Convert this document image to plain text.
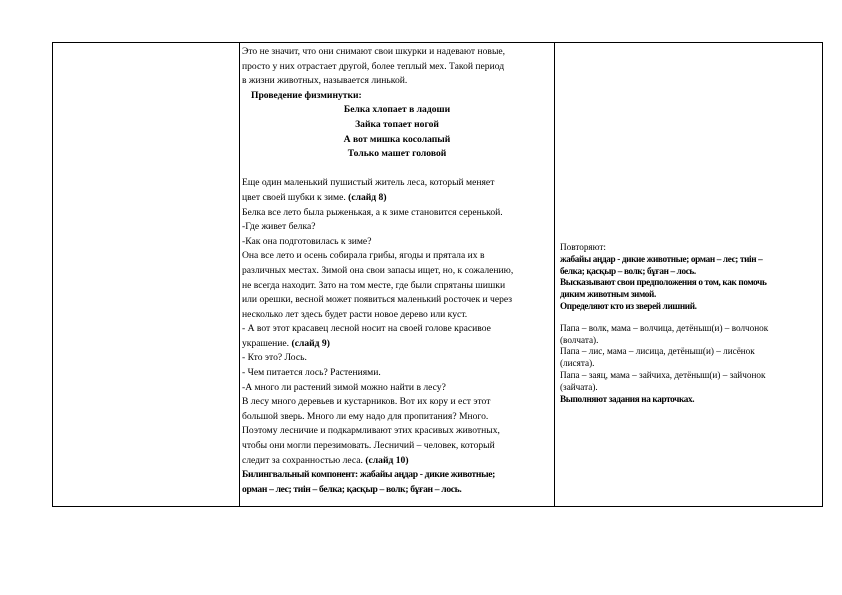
Это не значит, что они снимают свои шкурки и надевают новые,

просто у них отрастает другой, более теплый мех. Такой период

в жизни животных, называется линькой.

Проведение физминутки:

Белка хлопает в ладоши

Зайка топает ногой

А вот мишка косолапый

Только машет головой

Еще один маленький пушистый житель леса, который меняет

цвет своей шубки к зиме. (слайд 8)

Белка все лето была рыженькая, а к зиме становится серенькой.

-Где живет белка?

-Как она подготовилась к зиме?

Она все лето и осень собирала грибы, ягоды и прятала их в

различных местах. Зимой она свои запасы ищет, но, к сожалению,

не всегда находит. Зато на том месте, где были спрятаны шишки

или орешки, весной может появиться маленький росточек и через

несколько лет здесь будет расти новое дерево или куст.

- А вот этот красавец лесной носит на своей голове красивое

украшение. (слайд 9)

- Кто это? Лось.

- Чем питается лось? Растениями.

-А много ли растений зимой можно найти в лесу?

В лесу много деревьев и кустарников. Вот их кору и ест этот

большой зверь. Много ли ему надо для пропитания? Много.

Поэтому лесничие и подкармливают этих красивых животных,

чтобы они могли перезимовать. Лесничий – человек, который

следит за сохранностью леса. (слайд 10)

Билингвальный компонент: жабайы аңдар - дикие животные;

орман – лес; тиін – белка; қасқыр – волк; бұған – лось.

Повторяют:

жабайы аңдар - дикие животные; орман – лес; тиін –

белка; қасқыр – волк; бұған – лось.

Высказывают свои предположения о том, как помочь

диким животным зимой.

Определяют кто из зверей лишний.

Папа – волк, мама – волчица, детёныш(и) – волчонок

(волчата).

Папа – лис, мама – лисица, детёныш(и) – лисёнок

(лисята).

Папа – заяц, мама – зайчиха, детёныш(и) – зайчонок

(зайчата).

Выполняют задания на карточках.
